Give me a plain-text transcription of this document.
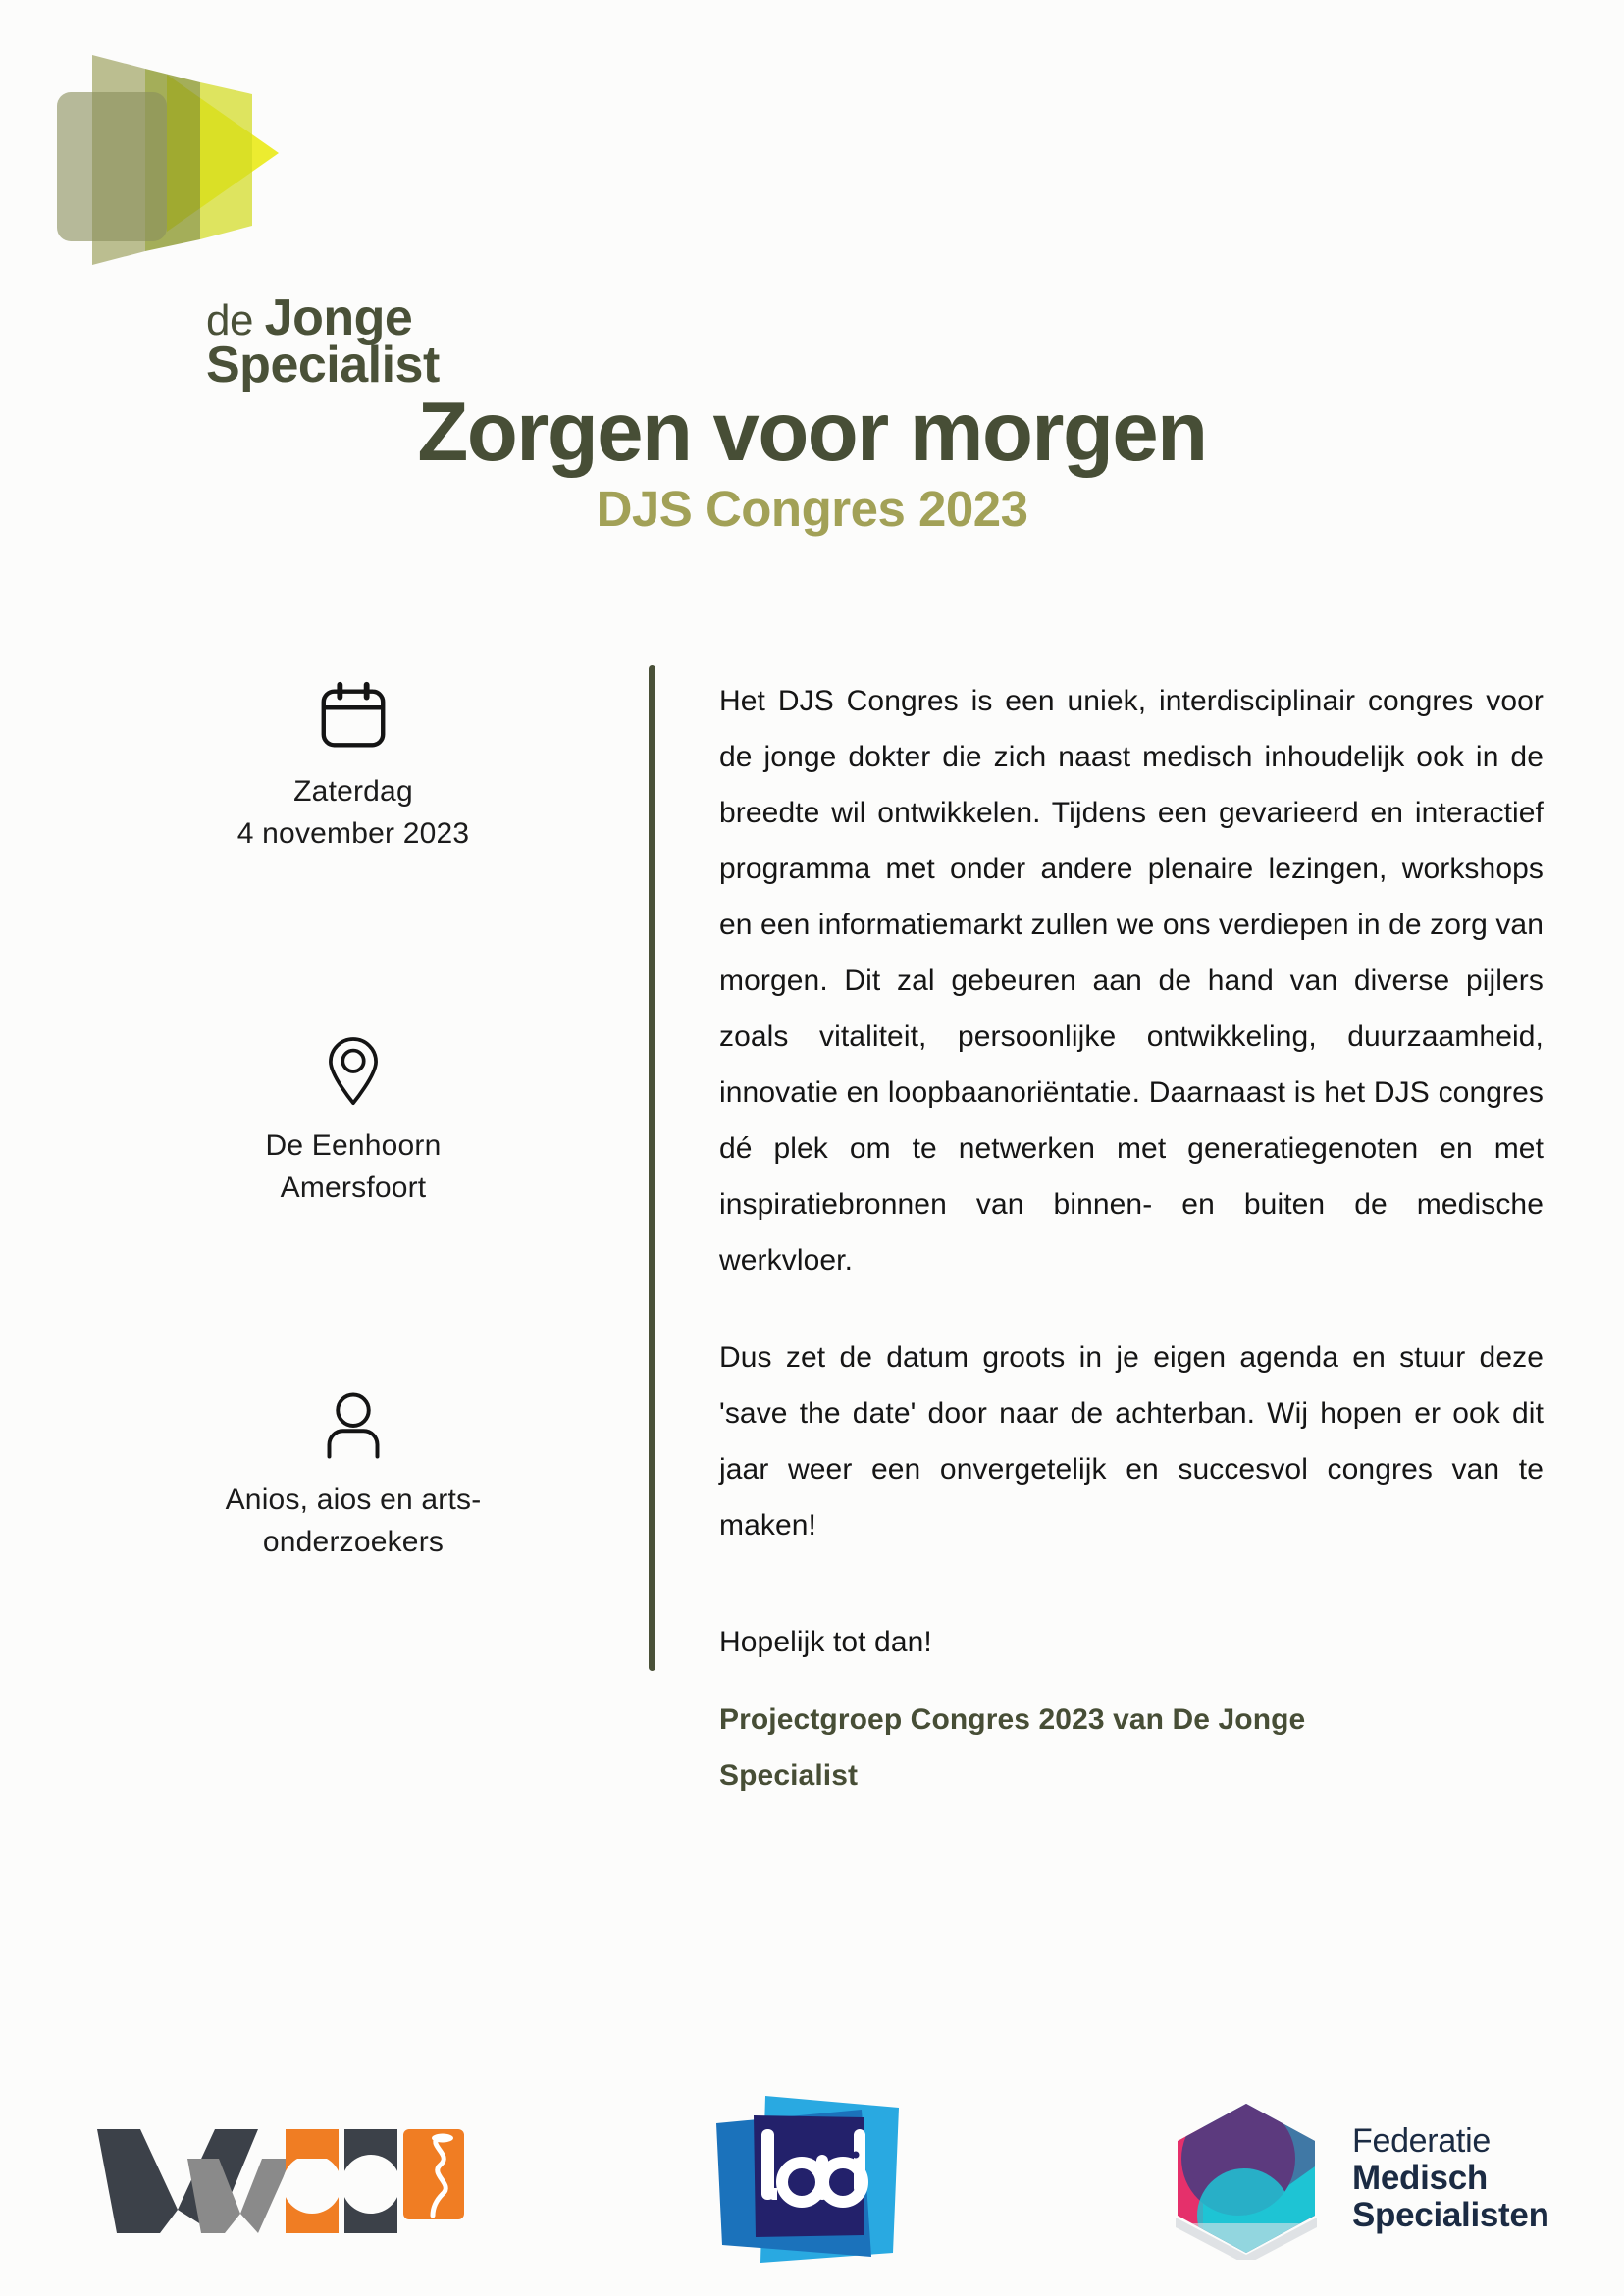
de Jonge
Specialist
Zorgen voor morgen
DJS Congres 2023
Zaterdag
4 november 2023
De Eenhoorn
Amersfoort
Anios, aios en arts-
onderzoekers
Het DJS Congres is een uniek, interdisciplinair congres voor de jonge dokter die zich naast medisch inhoudelijk ook in de breedte wil ontwikkelen. Tijdens een gevarieerd en interactief programma met onder andere plenaire lezingen, workshops en een informatiemarkt zullen we ons verdiepen in de zorg van morgen. Dit zal gebeuren aan de hand van diverse pijlers zoals vitaliteit, persoonlijke ontwikkeling, duurzaamheid, innovatie en loopbaanoriëntatie. Daarnaast is het DJS congres dé plek om te netwerken met generatiegenoten en met inspiratiebronnen van binnen- en buiten de medische werkvloer.
Dus zet de datum groots in je eigen agenda en stuur deze 'save the date' door naar de achterban. Wij hopen er ook dit jaar weer een onvergetelijk en succesvol congres van te maken!
Hopelijk tot dan!
Projectgroep Congres 2023 van De Jonge Specialist
Federatie
Medisch
Specialisten
